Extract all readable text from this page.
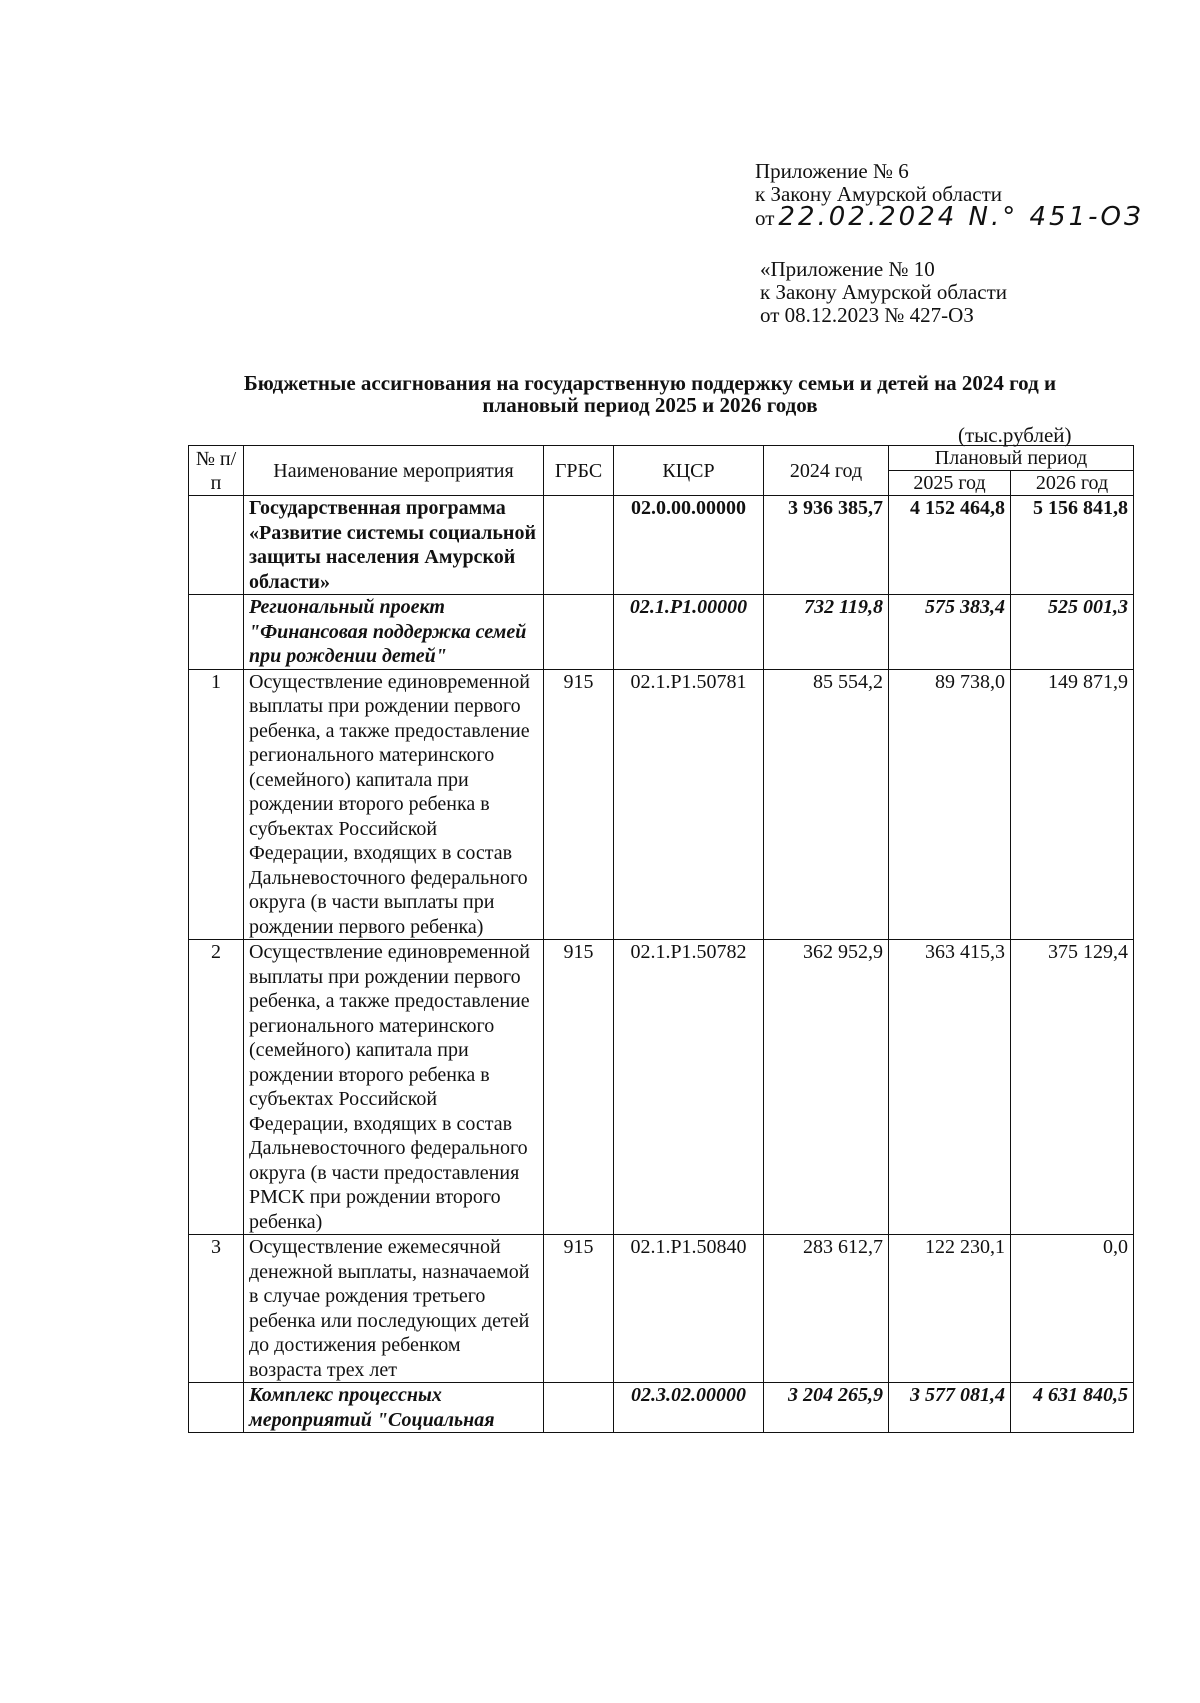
Приложение № 6
к Закону Амурской области
от 22.02.2024 N.° 451-ОЗ
«Приложение № 10
к Закону Амурской области
от 08.12.2023 № 427-ОЗ
Бюджетные ассигнования на государственную поддержку семьи и детей на 2024 год и
плановый период 2025 и 2026 годов
(тыс.рублей)
№ п/п	Наименование мероприятия	ГРБС	КЦСР	2024 год	Плановый период	
					2025 год	2026 год
	Государственная программа «Развитие системы социальной защиты населения Амурской области»		02.0.00.00000	3 936 385,7	4 152 464,8	5 156 841,8
	Региональный проект "Финансовая поддержка семей при рождении детей"		02.1.P1.00000	732 119,8	575 383,4	525 001,3
1	Осуществление единовременной выплаты при рождении первого ребенка, а также предоставление регионального материнского (семейного) капитала при рождении второго ребенка в субъектах Российской Федерации, входящих в состав Дальневосточного федерального округа (в части выплаты при рождении первого ребенка)	915	02.1.P1.50781	85 554,2	89 738,0	149 871,9
2	Осуществление единовременной выплаты при рождении первого ребенка, а также предоставление регионального материнского (семейного) капитала при рождении второго ребенка в субъектах Российской Федерации, входящих в состав Дальневосточного федерального округа (в части предоставления РМСК при рождении второго ребенка)	915	02.1.P1.50782	362 952,9	363 415,3	375 129,4
3	Осуществление ежемесячной денежной выплаты, назначаемой в случае рождения третьего ребенка или последующих детей до достижения ребенком возраста трех лет	915	02.1.P1.50840	283 612,7	122 230,1	0,0
	Комплекс процессных мероприятий "Социальная		02.3.02.00000	3 204 265,9	3 577 081,4	4 631 840,5
